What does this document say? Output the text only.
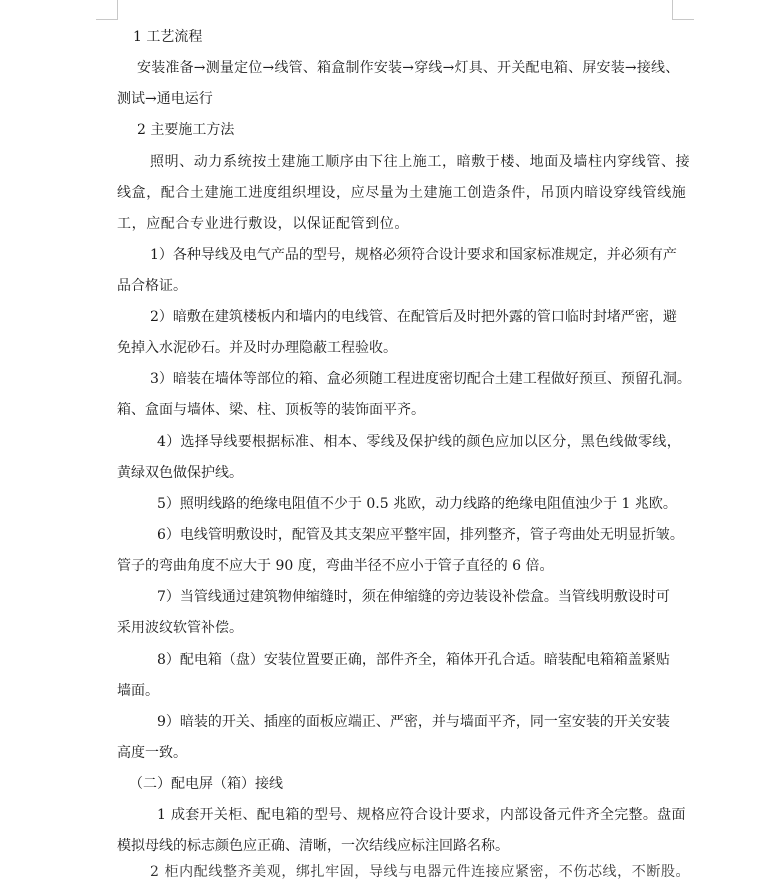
1 工艺流程
安装准备→测量定位→线管、箱盒制作安装→穿线→灯具、开关配电箱、屏安装→接线、
测试→通电运行
2 主要施工方法
照明、动力系统按土建施工顺序由下往上施工，暗敷于楼、地面及墙柱内穿线管、接
线盒，配合土建施工进度组织埋设，应尽量为土建施工创造条件，吊顶内暗设穿线管线施
工，应配合专业进行敷设，以保证配管到位。
1）各种导线及电气产品的型号，规格必须符合设计要求和国家标准规定，并必须有产
品合格证。
2）暗敷在建筑楼板内和墙内的电线管、在配管后及时把外露的管口临时封堵严密，避
免掉入水泥砂石。并及时办理隐蔽工程验收。
3）暗装在墙体等部位的箱、盒必须随工程进度密切配合土建工程做好预亘、预留孔洞。
箱、盒面与墙体、梁、柱、顶板等的装饰面平齐。
4）选择导线要根据标准、相本、零线及保护线的颜色应加以区分，黑色线做零线，
黄绿双色做保护线。
5）照明线路的绝缘电阻值不少于 0.5 兆欧，动力线路的绝缘电阻值浊少于 1 兆欧。
6）电线管明敷设时，配管及其支架应平整牢固，排列整齐，管子弯曲处无明显折皱。
管子的弯曲角度不应大于 90 度，弯曲半径不应小于管子直径的 6 倍。
7）当管线通过建筑物伸缩缝时，须在伸缩缝的旁边装设补偿盒。当管线明敷设时可
采用波纹软管补偿。
8）配电箱（盘）安装位置要正确，部件齐全，箱体开孔合适。暗装配电箱箱盖紧贴
墙面。
9）暗装的开关、插座的面板应端正、严密，并与墙面平齐，同一室安装的开关安装
高度一致。
（二）配电屏（箱）接线
1 成套开关柜、配电箱的型号、规格应符合设计要求，内部设备元件齐全完整。盘面
模拟母线的标志颜色应正确、清晰，一次结线应标注回路名称。
2 柜内配线整齐美观，绑扎牢固，导线与电器元件连接应紧密，不伤芯线，不断股。
